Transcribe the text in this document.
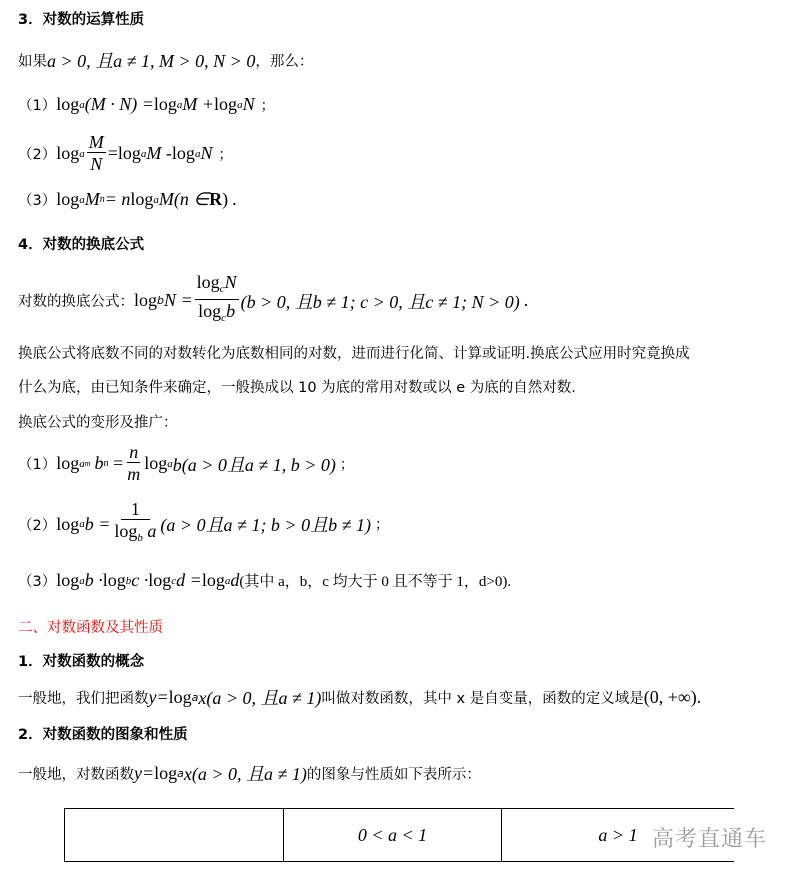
3．对数的运算性质
如果 a > 0, 且a ≠ 1, M > 0, N > 0 ，那么：
（1） log a (M · N) = log a M + log a N ；
（2） log a $\frac{M}{N} = \log a$ M - log a N ；
（3） log a M n = n log a M(n ∈ R ) .
4．对数的换底公式
对数的换底公式： log b $N = \frac{\log_cN}{\log_cb} (b > 0$, 且b ≠ 1; c > 0, 且c ≠ 1; N > 0) .
换底公式将底数不同的对数转化为底数相同的对数，进而进行化简、计算或证明.换底公式应用时究竟换成
什么为底，由已知条件来确定，一般换成以 10 为底的常用对数或以 e 为底的自然对数.
换底公式的变形及推广：
（1） log a m b $n = \frac{n}{m}$ log a b(a > 0且a ≠ 1, b > 0) ；
（2） log a $b = \frac{1}{\log_b a} (a > 0$且a ≠ 1; b > 0且b ≠ 1) ；
（3） log a b · log b c · log c d = log a d (其中 a，b，c 均大于 0 且不等于 1，d>0).
二、对数函数及其性质
1．对数函数的概念
一般地，我们把函数 y= log a x(a > 0, 且a ≠ 1) 叫做对数函数，其中 x 是自变量，函数的定义域是 (0, +∞) .
2．对数函数的图象和性质
一般地，对数函数 y= log a x(a > 0, 且a ≠ 1) 的图象与性质如下表所示：
	0 < a < 1	a > 1 高考直通车
